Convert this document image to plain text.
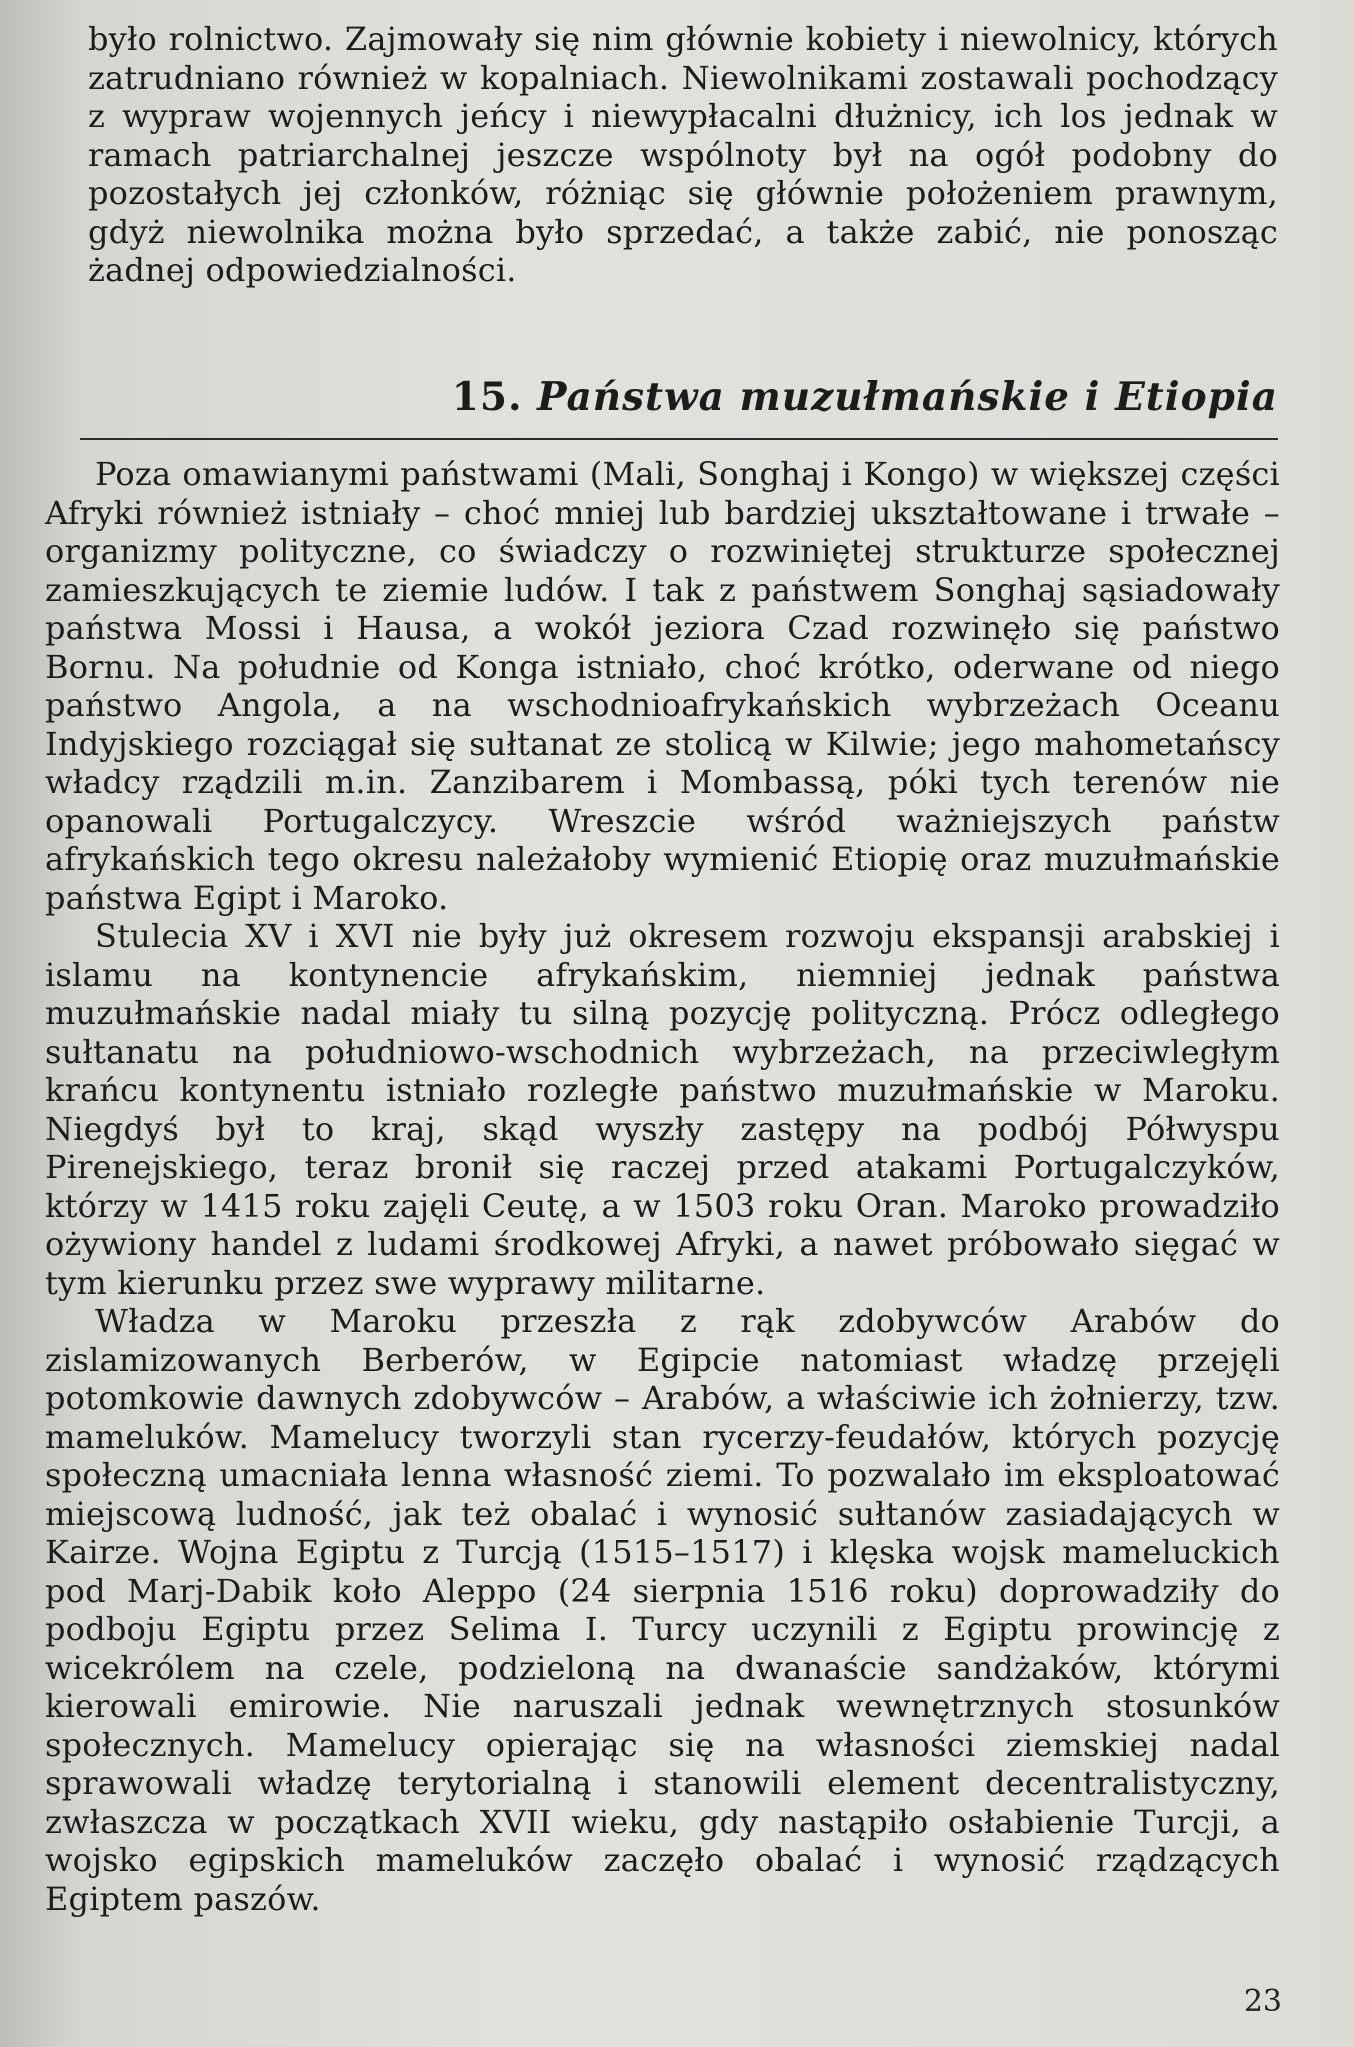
było rolnictwo. Zajmowały się nim głównie kobiety i niewolnicy, których zatrudniano również w kopalniach. Niewolnikami zostawali pochodzący z wypraw wojennych jeńcy i niewypłacalni dłużnicy, ich los jednak w ramach patriarchalnej jeszcze wspólnoty był na ogół podobny do pozostałych jej członków, różniąc się głównie położeniem prawnym, gdyż niewolnika można było sprzedać, a także zabić, nie ponosząc żadnej odpowiedzialności.

15. Państwa muzułmańskie i Etiopia

Poza omawianymi państwami (Mali, Songhaj i Kongo) w większej części Afryki również istniały – choć mniej lub bardziej ukształtowane i trwałe – organizmy polityczne, co świadczy o rozwiniętej strukturze społecznej zamieszkujących te ziemie ludów. I tak z państwem Songhaj sąsiadowały państwa Mossi i Hausa, a wokół jeziora Czad rozwinęło się państwo Bornu. Na południe od Konga istniało, choć krótko, oderwane od niego państwo Angola, a na wschodnioafrykańskich wybrzeżach Oceanu Indyjskiego rozciągał się sułtanat ze stolicą w Kilwie; jego mahometańscy władcy rządzili m.in. Zanzibarem i Mombassą, póki tych terenów nie opanowali Portugalczycy. Wreszcie wśród ważniejszych państw afrykańskich tego okresu należałoby wymienić Etiopię oraz muzułmańskie państwa Egipt i Maroko.

Stulecia XV i XVI nie były już okresem rozwoju ekspansji arabskiej i islamu na kontynencie afrykańskim, niemniej jednak państwa muzułmańskie nadal miały tu silną pozycję polityczną. Prócz odległego sułtanatu na południowo-wschodnich wybrzeżach, na przeciwległym krańcu kontynentu istniało rozległe państwo muzułmańskie w Maroku. Niegdyś był to kraj, skąd wyszły zastępy na podbój Półwyspu Pirenejskiego, teraz bronił się raczej przed atakami Portugalczyków, którzy w 1415 roku zajęli Ceutę, a w 1503 roku Oran. Maroko prowadziło ożywiony handel z ludami środkowej Afryki, a nawet próbowało sięgać w tym kierunku przez swe wyprawy militarne.

Władza w Maroku przeszła z rąk zdobywców Arabów do zislamizowanych Berberów, w Egipcie natomiast władzę przejęli potomkowie dawnych zdobywców – Arabów, a właściwie ich żołnierzy, tzw. mameluków. Mamelucy tworzyli stan rycerzy-feudałów, których pozycję społeczną umacniała lenna własność ziemi. To pozwalało im eksploatować miejscową ludność, jak też obalać i wynosić sułtanów zasiadających w Kairze. Wojna Egiptu z Turcją (1515–1517) i klęska wojsk mameluckich pod Marj-Dabik koło Aleppo (24 sierpnia 1516 roku) doprowadziły do podboju Egiptu przez Selima I. Turcy uczynili z Egiptu prowincję z wicekrólem na czele, podzieloną na dwanaście sandżaków, którymi kierowali emirowie. Nie naruszali jednak wewnętrznych stosunków społecznych. Mamelucy opierając się na własności ziemskiej nadal sprawowali władzę terytorialną i stanowili element decentralistyczny, zwłaszcza w początkach XVII wieku, gdy nastąpiło osłabienie Turcji, a wojsko egipskich mameluków zaczęło obalać i wynosić rządzących Egiptem paszów.

23
